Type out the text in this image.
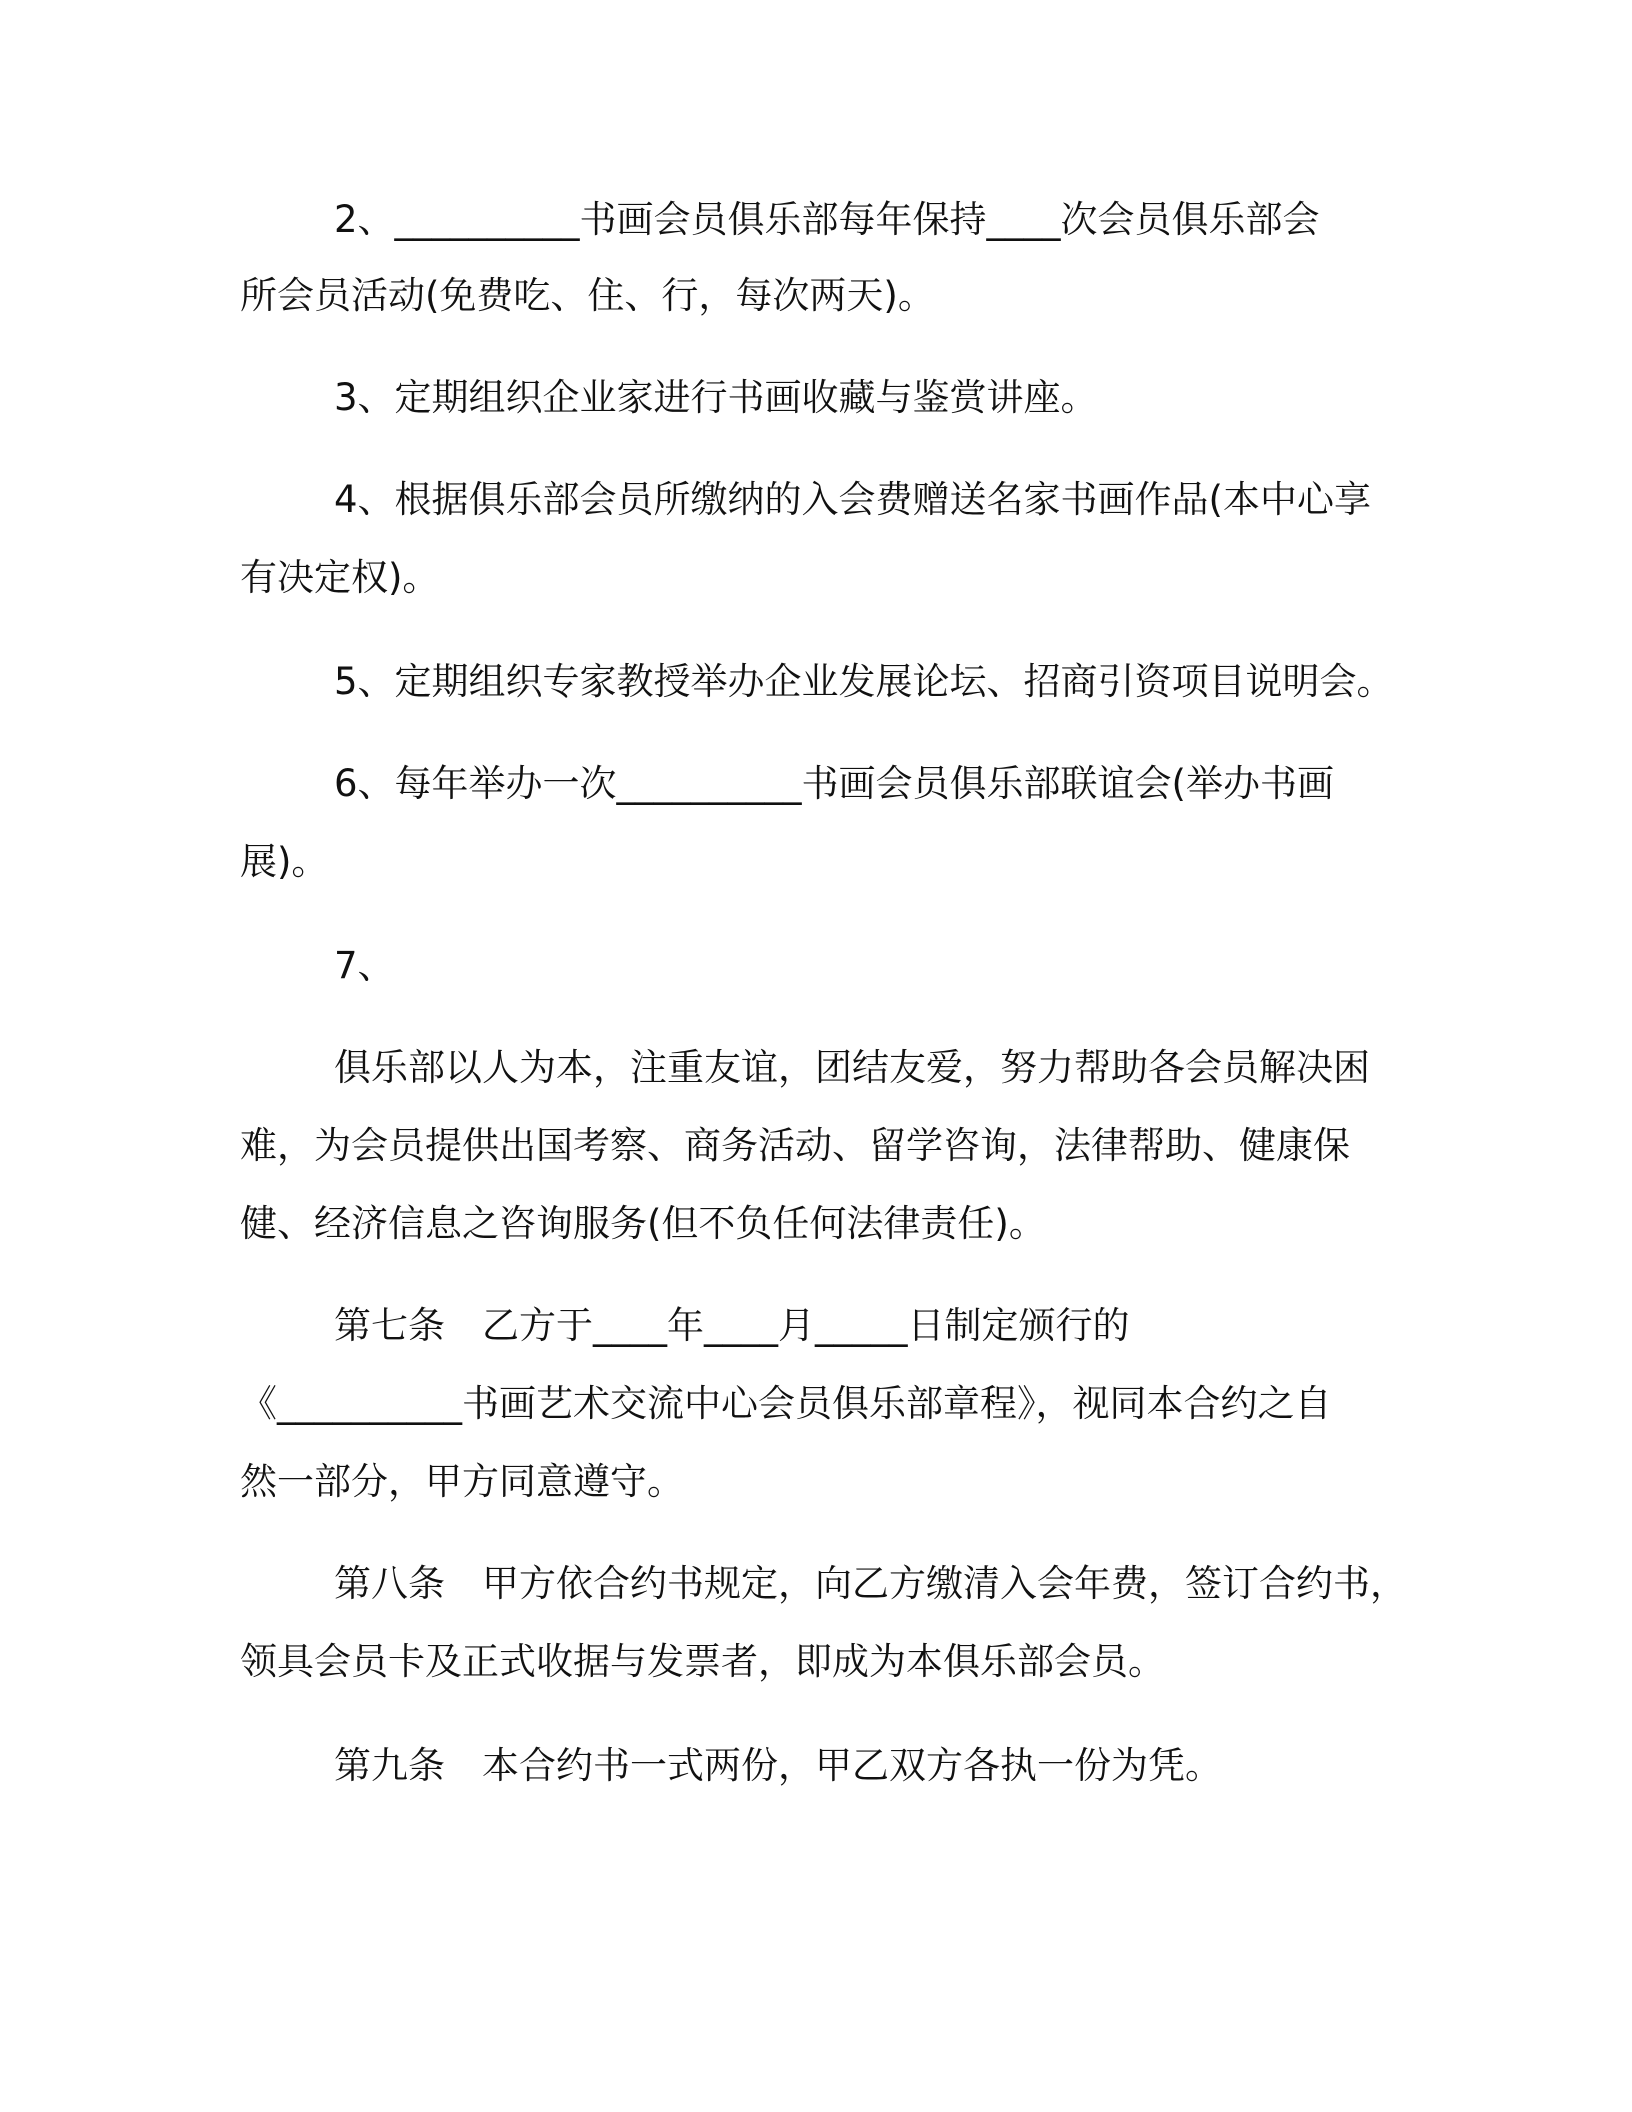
2、__________书画会员俱乐部每年保持____次会员俱乐部会

所会员活动(免费吃、住、行，每次两天)。

3、定期组织企业家进行书画收藏与鉴赏讲座。

4、根据俱乐部会员所缴纳的入会费赠送名家书画作品(本中心享

有决定权)。

5、定期组织专家教授举办企业发展论坛、招商引资项目说明会。

6、每年举办一次__________书画会员俱乐部联谊会(举办书画

展)。

7、

俱乐部以人为本，注重友谊，团结友爱，努力帮助各会员解决困

难，为会员提供出国考察、商务活动、留学咨询，法律帮助、健康保

健、经济信息之咨询服务(但不负任何法律责任)。

第七条　乙方于____年____月_____日制定颁行的

《__________书画艺术交流中心会员俱乐部章程》，视同本合约之自

然一部分，甲方同意遵守。

第八条　甲方依合约书规定，向乙方缴清入会年费，签订合约书，

领具会员卡及正式收据与发票者，即成为本俱乐部会员。

第九条　本合约书一式两份，甲乙双方各执一份为凭。
